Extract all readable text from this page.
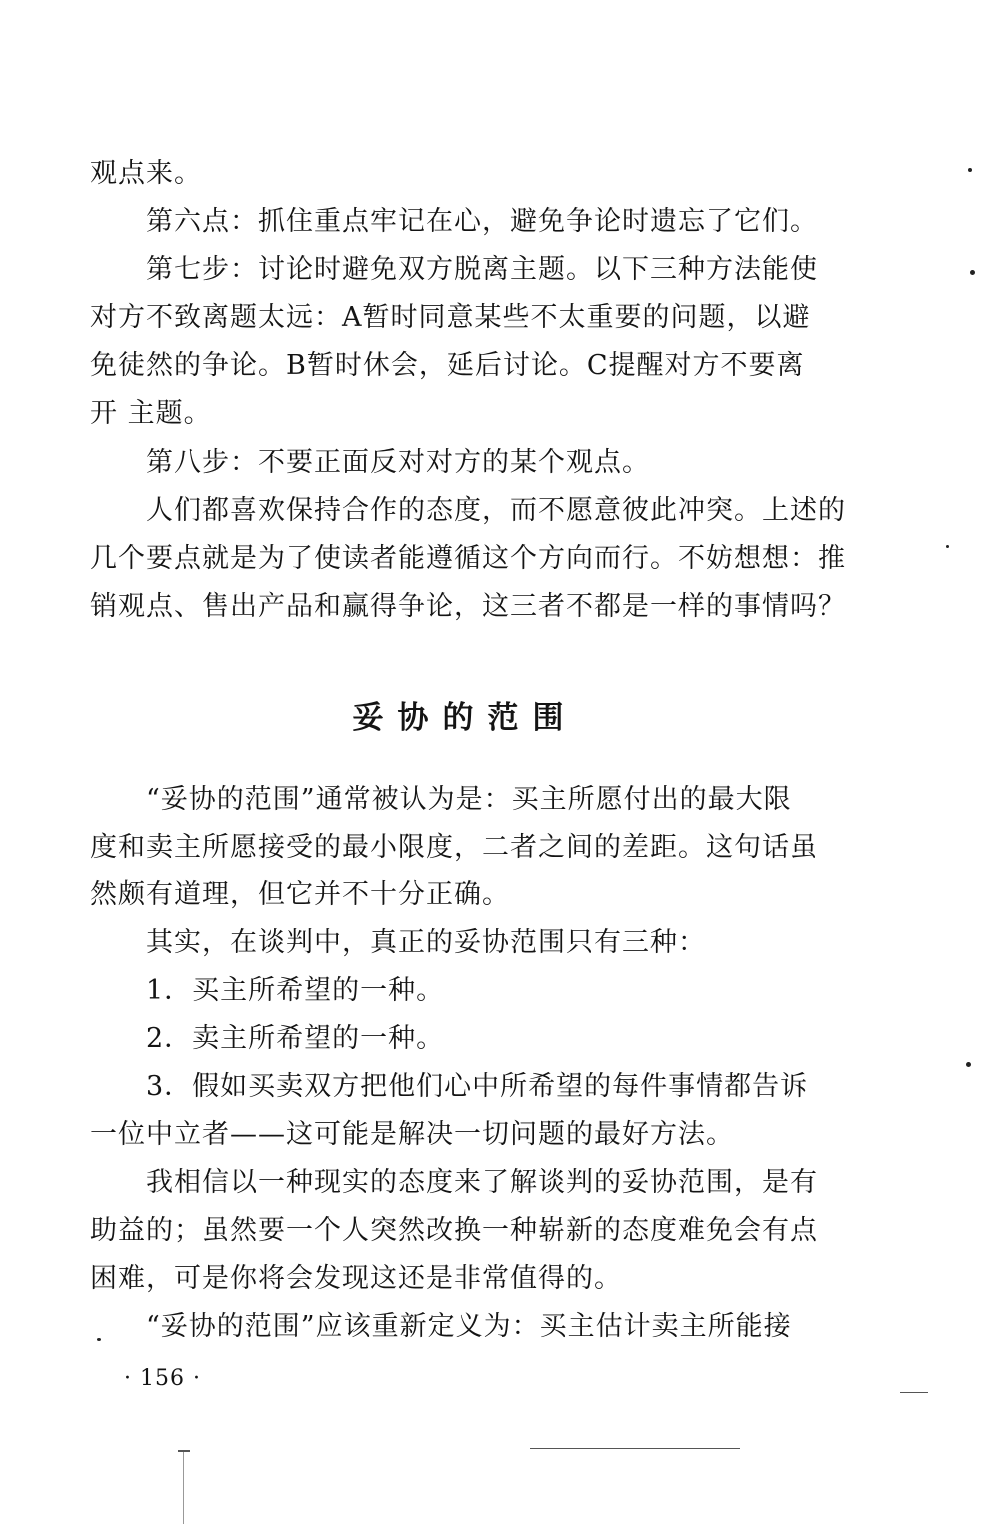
观点来。
第六点：抓住重点牢记在心，避免争论时遗忘了它们。
第七步：讨论时避免双方脱离主题。以下三种方法能使
对方不致离题太远：A暂时同意某些不太重要的问题，以避
免徒然的争论。B暂时休会，延后讨论。C提醒对方不要离
开 主题。
第八步：不要正面反对对方的某个观点。
人们都喜欢保持合作的态度，而不愿意彼此冲突。上述的
几个要点就是为了使读者能遵循这个方向而行。不妨想想：推
销观点、售出产品和赢得争论，这三者不都是一样的事情吗？
妥协的范围
“妥协的范围”通常被认为是：买主所愿付出的最大限
度和卖主所愿接受的最小限度，二者之间的差距。这句话虽
然颇有道理，但它并不十分正确。
其实，在谈判中，真正的妥协范围只有三种：
1．买主所希望的一种。
2．卖主所希望的一种。
3．假如买卖双方把他们心中所希望的每件事情都告诉
一位中立者——这可能是解决一切问题的最好方法。
我相信以一种现实的态度来了解谈判的妥协范围，是有
助益的；虽然要一个人突然改换一种崭新的态度难免会有点
困难，可是你将会发现这还是非常值得的。
“妥协的范围”应该重新定义为：买主估计卖主所能接
· 156 ·
